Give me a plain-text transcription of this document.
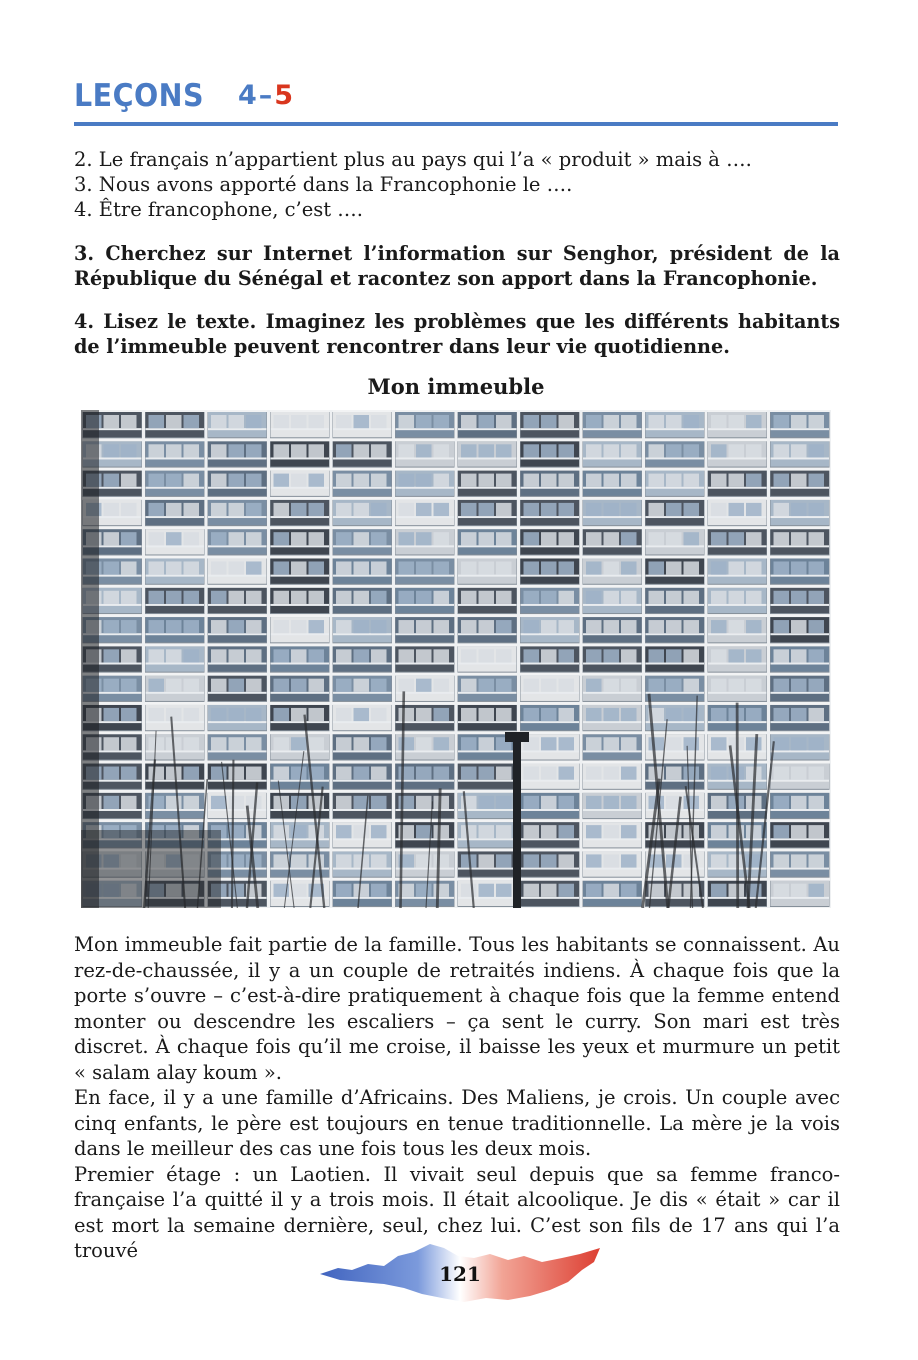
LEÇONS 4–5
2. Le français n’appartient plus au pays qui l’a « produit » mais à ….
3. Nous avons apporté dans la Francophonie le ….
4. Être francophone, c’est ….
3. Cherchez sur Internet l’information sur Senghor, président de la République du Sénégal et racontez son apport dans la Francophonie.
4. Lisez le texte. Imaginez les problèmes que les différents habitants de l’immeuble peuvent rencontrer dans leur vie quotidienne.
Mon immeuble

Mon immeuble fait partie de la famille. Tous les habitants se connaissent. Au rez-de-chaussée, il y a un couple de retraités indiens. À chaque fois que la porte s’ouvre – c’est-à-dire pratiquement à chaque fois que la femme entend monter ou descendre les escaliers – ça sent le curry. Son mari est très discret. À chaque fois qu’il me croise, il baisse les yeux et murmure un petit « salam alay koum ».

En face, il y a une famille d’Africains. Des Maliens, je crois. Un couple avec cinq enfants, le père est toujours en tenue traditionnelle. La mère je la vois dans le meilleur des cas une fois tous les deux mois.

Premier étage : un Laotien. Il vivait seul depuis que sa femme franco-française l’a quitté il y a trois mois. Il était alcoolique. Je dis « était » car il est mort la semaine dernière, seul, chez lui. C’est son fils de 17 ans qui l’a trouvé

121
